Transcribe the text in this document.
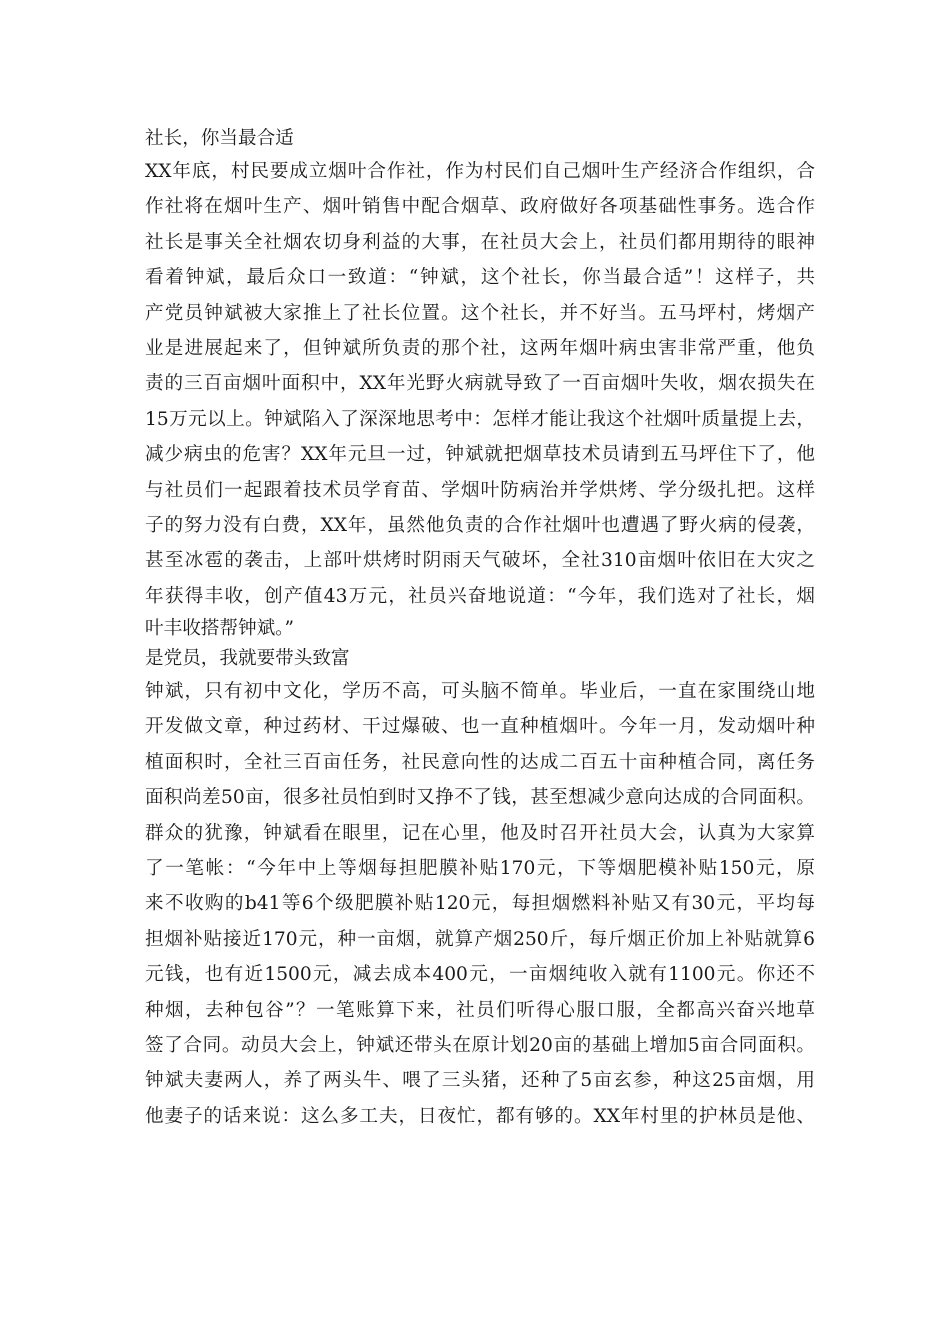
社长，你当最合适
XX年底，村民要成立烟叶合作社，作为村民们自己烟叶生产经济合作组织，合
作社将在烟叶生产、烟叶销售中配合烟草、政府做好各项基础性事务。选合作
社长是事关全社烟农切身利益的大事，在社员大会上，社员们都用期待的眼神
看着钟斌，最后众口一致道：“钟斌，这个社长，你当最合适”！这样子，共
产党员钟斌被大家推上了社长位置。这个社长，并不好当。五马坪村，烤烟产
业是进展起来了，但钟斌所负责的那个社，这两年烟叶病虫害非常严重，他负
责的三百亩烟叶面积中，XX年光野火病就导致了一百亩烟叶失收，烟农损失在
15万元以上。钟斌陷入了深深地思考中：怎样才能让我这个社烟叶质量提上去，
减少病虫的危害？XX年元旦一过，钟斌就把烟草技术员请到五马坪住下了，他
与社员们一起跟着技术员学育苗、学烟叶防病治并学烘烤、学分级扎把。这样
子的努力没有白费，XX年，虽然他负责的合作社烟叶也遭遇了野火病的侵袭，
甚至冰雹的袭击，上部叶烘烤时阴雨天气破坏，全社310亩烟叶依旧在大灾之
年获得丰收，创产值43万元，社员兴奋地说道：“今年，我们选对了社长，烟
叶丰收搭帮钟斌。”
是党员，我就要带头致富
钟斌，只有初中文化，学历不高，可头脑不简单。毕业后，一直在家围绕山地
开发做文章，种过药材、干过爆破、也一直种植烟叶。今年一月，发动烟叶种
植面积时，全社三百亩任务，社民意向性的达成二百五十亩种植合同，离任务
面积尚差50亩，很多社员怕到时又挣不了钱，甚至想减少意向达成的合同面积。
群众的犹豫，钟斌看在眼里，记在心里，他及时召开社员大会，认真为大家算
了一笔帐：“今年中上等烟每担肥膜补贴170元，下等烟肥模补贴150元，原
来不收购的b41等6个级肥膜补贴120元，每担烟燃料补贴又有30元，平均每
担烟补贴接近170元，种一亩烟，就算产烟250斤，每斤烟正价加上补贴就算6
元钱，也有近1500元，减去成本400元，一亩烟纯收入就有1100元。你还不
种烟，去种包谷”？一笔账算下来，社员们听得心服口服，全都高兴奋兴地草
签了合同。动员大会上，钟斌还带头在原计划20亩的基础上增加5亩合同面积。
钟斌夫妻两人，养了两头牛、喂了三头猪，还种了5亩玄参，种这25亩烟，用
他妻子的话来说：这么多工夫，日夜忙，都有够的。XX年村里的护林员是他、
